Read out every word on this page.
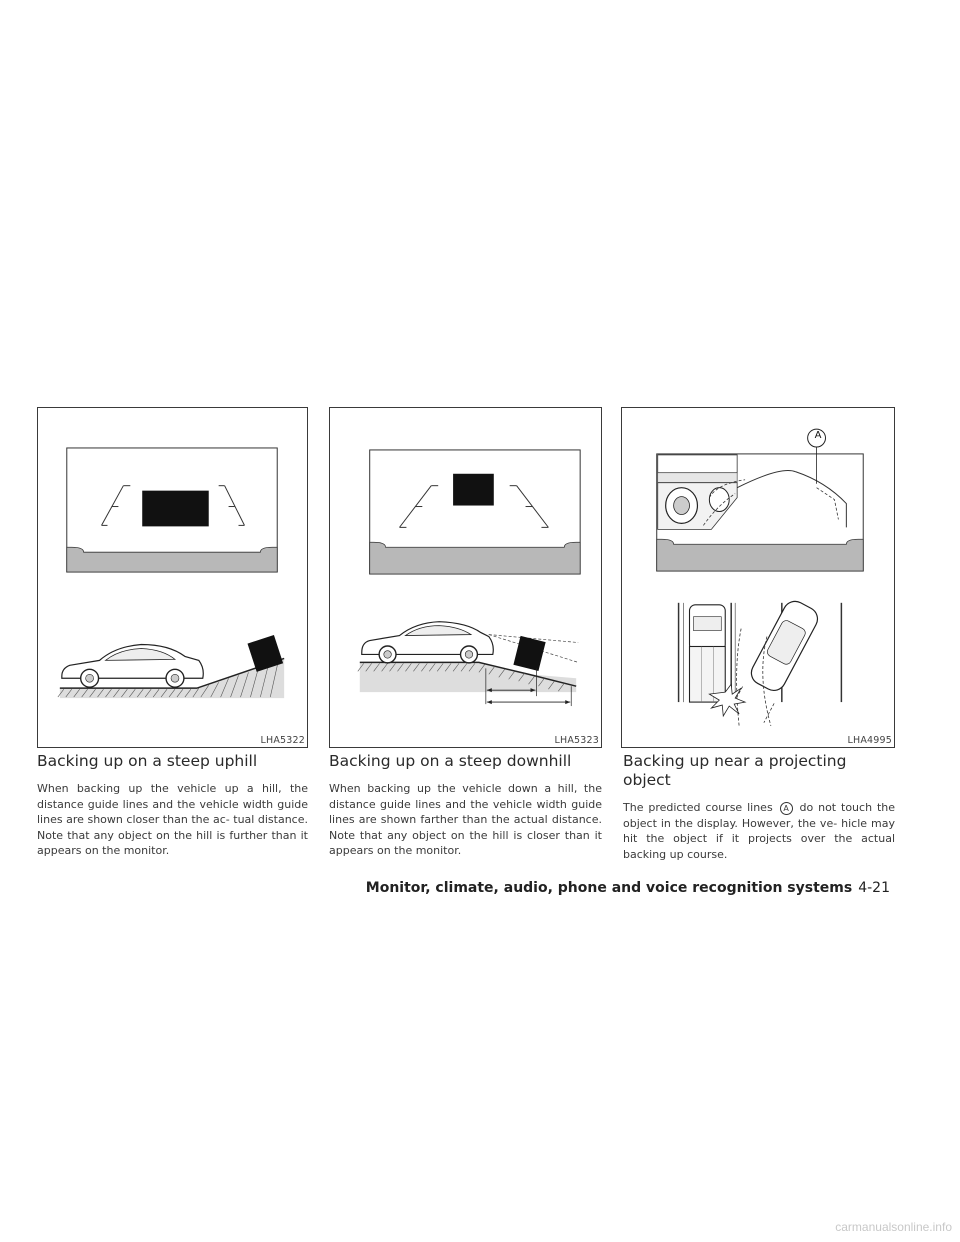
LHA5322	LHA5323
A
LHA4995
Backing up on a steep uphill

When backing up the vehicle up a hill, the distance guide lines and the vehicle width guide lines are shown closer than the ac- tual distance. Note that any object on the hill is further than it appears on the monitor.

Backing up on a steep downhill

When backing up the vehicle down a hill, the distance guide lines and the vehicle width guide lines are shown farther than the actual distance. Note that any object on the hill is closer than it appears on the monitor.

Backing up near a projecting object

The predicted course lines A do not touch the object in the display. However, the ve- hicle may hit the object if it projects over the actual backing up course.

Monitor, climate, audio, phone and voice recognition systems 4-21
carmanualsonline.info
